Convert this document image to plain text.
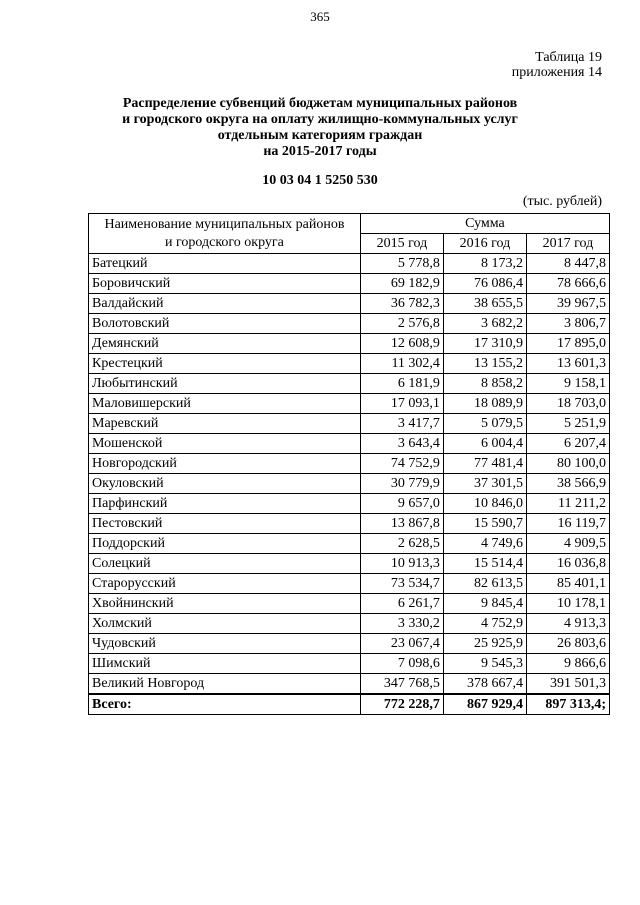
365
Таблица 19
приложения 14
Распределение субвенций бюджетам муниципальных районов
и городского округа на оплату жилищно-коммунальных услуг
отдельным категориям граждан
на 2015-2017 годы
10 03 04 1 5250 530
(тыс. рублей)
Наименование муниципальных районов
и городского округа	Сумма		
	2015 год	2016 год	2017 год
Батецкий	5 778,8	8 173,2	8 447,8
Боровичский	69 182,9	76 086,4	78 666,6
Валдайский	36 782,3	38 655,5	39 967,5
Волотовский	2 576,8	3 682,2	3 806,7
Демянский	12 608,9	17 310,9	17 895,0
Крестецкий	11 302,4	13 155,2	13 601,3
Любытинский	6 181,9	8 858,2	9 158,1
Маловишерский	17 093,1	18 089,9	18 703,0
Маревский	3 417,7	5 079,5	5 251,9
Мошенской	3 643,4	6 004,4	6 207,4
Новгородский	74 752,9	77 481,4	80 100,0
Окуловский	30 779,9	37 301,5	38 566,9
Парфинский	9 657,0	10 846,0	11 211,2
Пестовский	13 867,8	15 590,7	16 119,7
Поддорский	2 628,5	4 749,6	4 909,5
Солецкий	10 913,3	15 514,4	16 036,8
Старорусский	73 534,7	82 613,5	85 401,1
Хвойнинский	6 261,7	9 845,4	10 178,1
Холмский	3 330,2	4 752,9	4 913,3
Чудовский	23 067,4	25 925,9	26 803,6
Шимский	7 098,6	9 545,3	9 866,6
Великий Новгород	347 768,5	378 667,4	391 501,3
Всего:	772 228,7	867 929,4	897 313,4;
